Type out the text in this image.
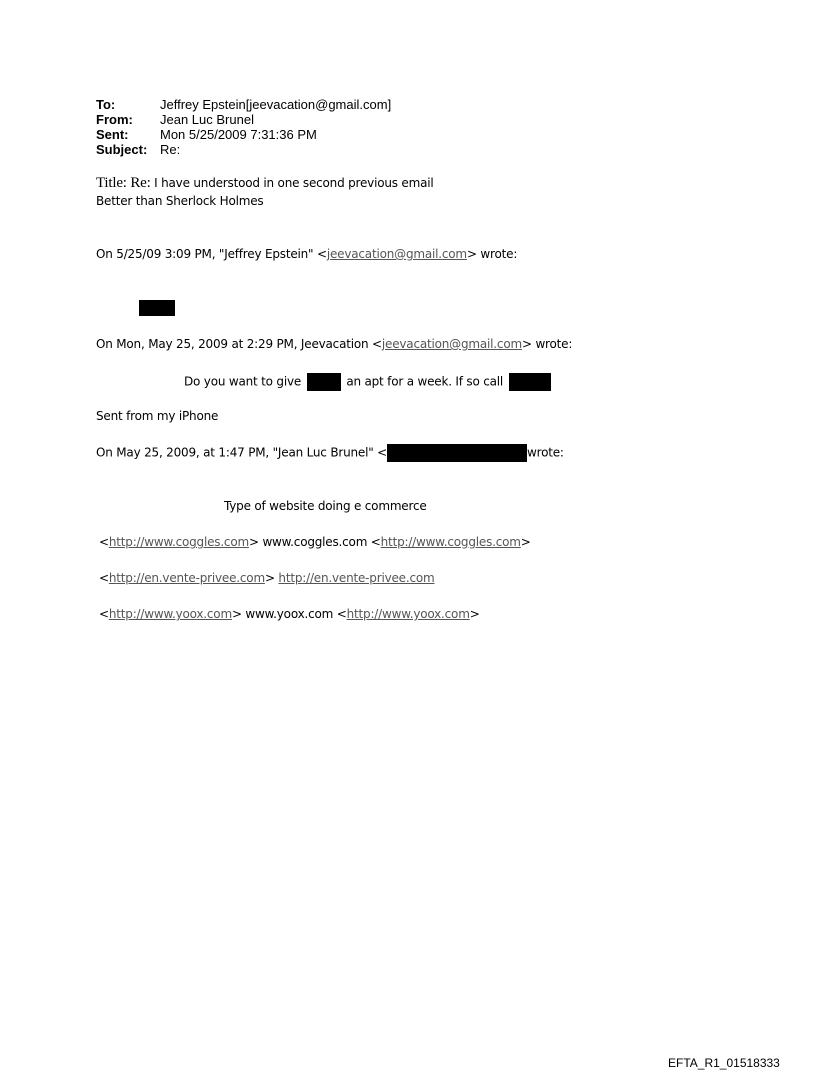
To:	Jeffrey Epstein[jeevacation@gmail.com]
From: Jean Luc Brunel
Sent: Mon 5/25/2009 7:31:36 PM
Subject: Re:
Title: Re: I have understood in one second previous email
Better than Sherlock Holmes
On 5/25/09 3:09 PM, "Jeffrey Epstein" <jeevacation@gmail.com> wrote:
On Mon, May 25, 2009 at 2:29 PM, Jeevacation <jeevacation@gmail.com> wrote:
Do you want to give	an apt for a week. If so call
Sent from my iPhone
On May 25, 2009, at 1:47 PM, "Jean Luc Brunel" <	wrote:
Type of website doing e commerce
<http://www.coggles.com> www.coggles.com <http://www.coggles.com>
<http://en.vente-privee.com> http://en.vente-privee.com
<http://www.yoox.com> www.yoox.com <http://www.yoox.com>
EFTA_R1_01518333
